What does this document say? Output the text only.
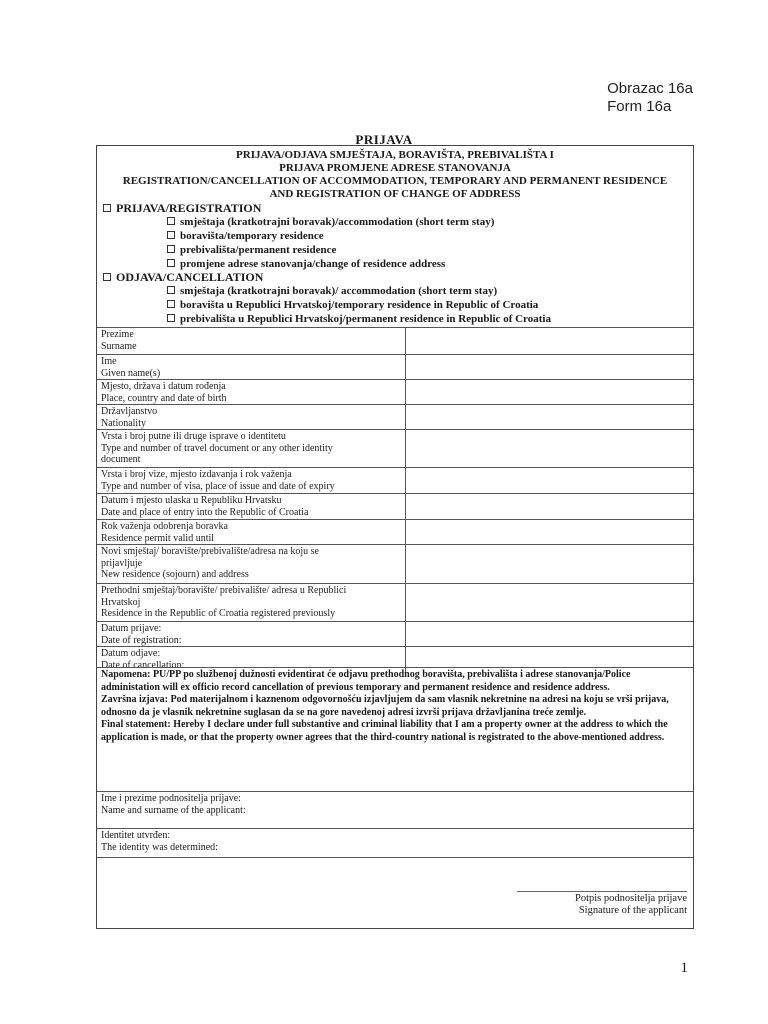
Obrazac 16a
Form 16a
PRIJAVA
PRIJAVA/ODJAVA SMJEŠTAJA, BORAVIŠTA, PREBIVALIŠTA I
PRIJAVA PROMJENE ADRESE STANOVANJA
REGISTRATION/CANCELLATION OF ACCOMMODATION, TEMPORARY AND PERMANENT RESIDENCE
AND REGISTRATION OF CHANGE OF ADDRESS
PRIJAVA/REGISTRATION
smještaja (kratkotrajni boravak)/accommodation (short term stay)
boravišta/temporary residence
prebivališta/permanent residence
promjene adrese stanovanja/change of residence address
ODJAVA/CANCELLATION
smještaja (kratkotrajni boravak)/ accommodation (short term stay)
boravišta u Republici Hrvatskoj/temporary residence in Republic of Croatia
prebivališta u Republici Hrvatskoj/permanent residence in Republic of Croatia
Prezime
Surname
Ime
Given name(s)
Mjesto, država i datum rođenja
Place, country and date of birth
Državljanstvo
Nationality
Vrsta i broj putne ili druge isprave o identitetu
Type and number of travel document or any other identity
document
Vrsta i broj vize, mjesto izdavanja i rok važenja
Type and number of visa, place of issue and date of expiry
Datum i mjesto ulaska u Republiku Hrvatsku
Date and place of entry into the Republic of Croatia
Rok važenja odobrenja boravka
Residence permit valid until
Novi smještaj/ boravište/prebivalište/adresa na koju se
prijavljuje
New residence (sojourn) and address
Prethodni smještaj/boravište/ prebivalište/ adresa u Republici
Hrvatskoj
Residence in the Republic of Croatia registered previously
Datum prijave:
Date of registration:
Datum odjave:
Date of cancellation:

Napomena: PU/PP po službenoj dužnosti evidentirat će odjavu prethodnog boravišta, prebivališta i adrese stanovanja/Police administation will ex officio record cancellation of previous temporary and permanent residence and residence address.

Završna izjava: Pod materijalnom i kaznenom odgovornošću izjavljujem da sam vlasnik nekretnine na adresi na koju se vrši prijava, odnosno da je vlasnik nekretnine suglasan da se na gore navedenoj adresi izvrši prijava državljanina treće zemlje.

Final statement: Hereby I declare under full substantive and criminal liability that I am a property owner at the address to which the application is made, or that the property owner agrees that the third-country national is registrated to the above-mentioned address.

Ime i prezime podnositelja prijave:
Name and surname of the applicant:
Identitet utvrđen:
The identity was determined:
Potpis podnositelja prijave
Signature of the applicant
1
